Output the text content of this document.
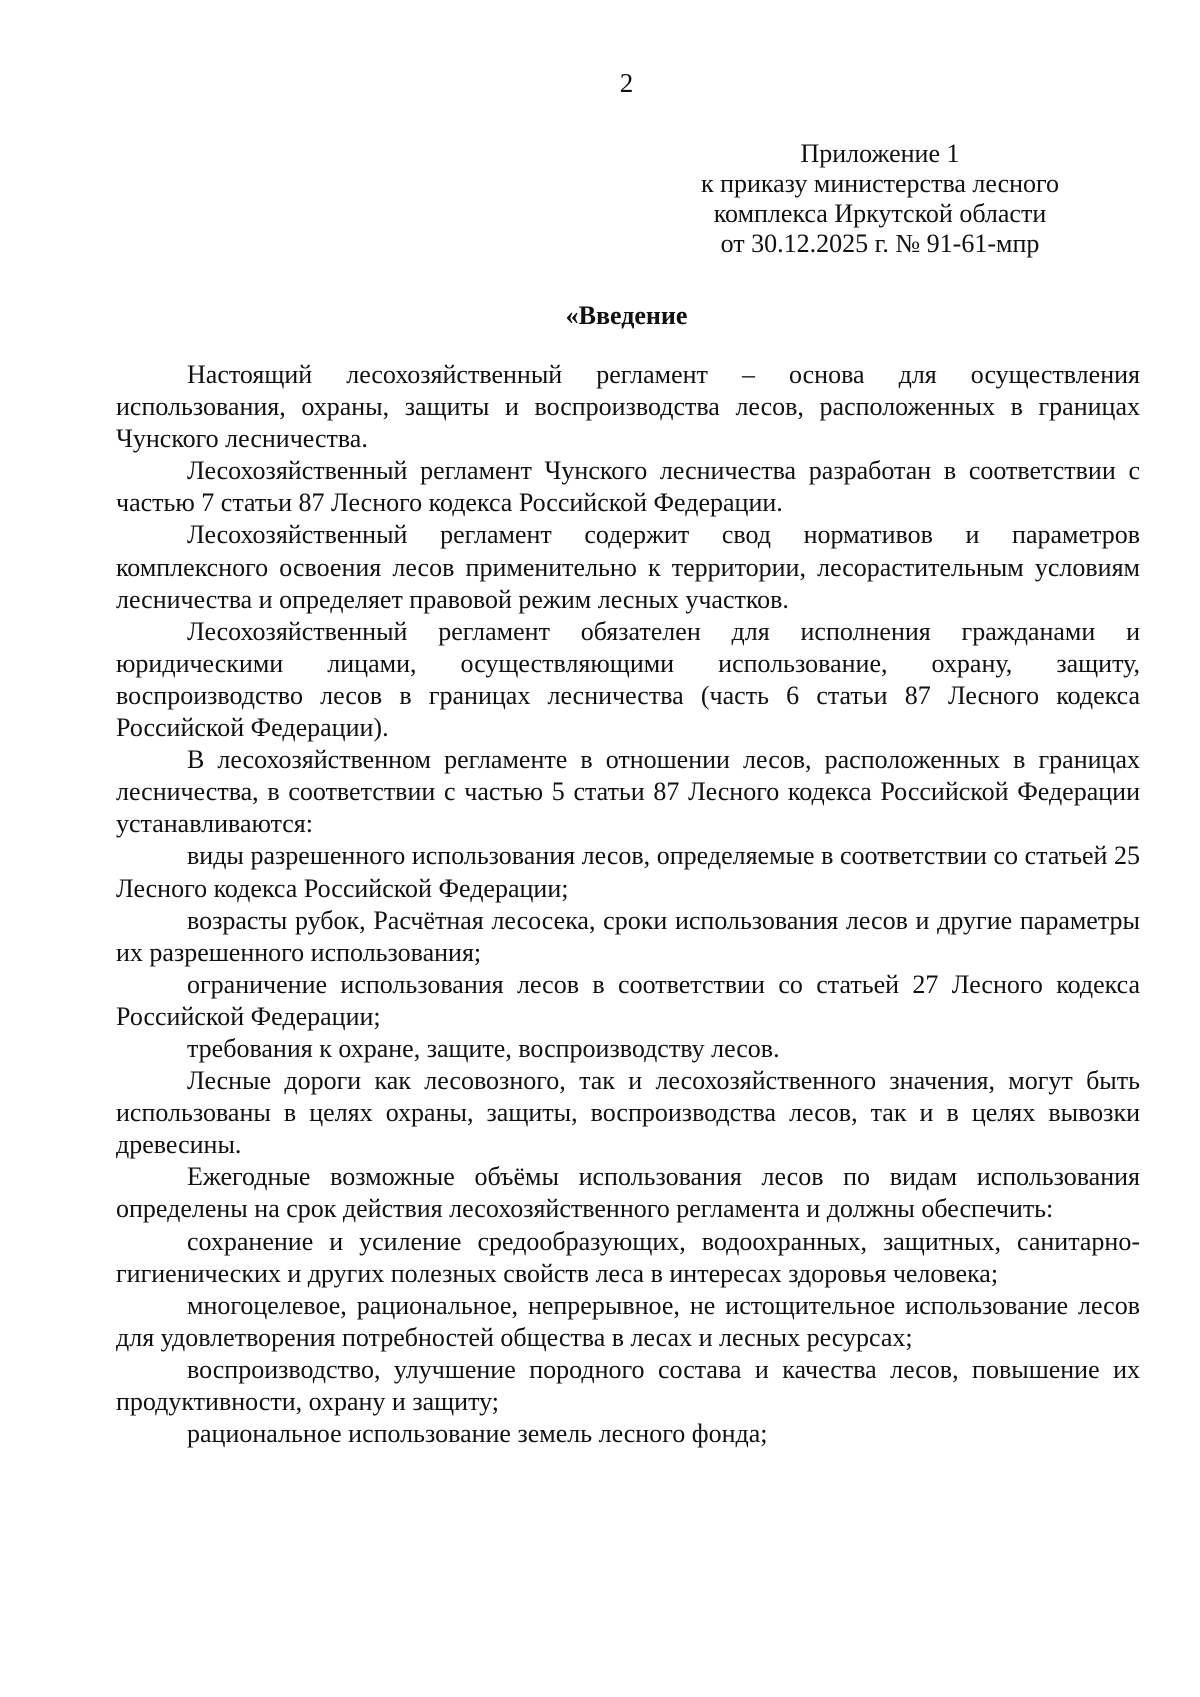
2
Приложение 1
к приказу министерства лесного
комплекса Иркутской области
от 30.12.2025 г. № 91-61-мпр
«Введение

Настоящий лесохозяйственный регламент – основа для осуществления использования, охраны, защиты и воспроизводства лесов, расположенных в границах Чунского лесничества.

Лесохозяйственный регламент Чунского лесничества разработан в соответствии с частью 7 статьи 87 Лесного кодекса Российской Федерации.

Лесохозяйственный регламент содержит свод нормативов и параметров комплексного освоения лесов применительно к территории, лесорастительным условиям лесничества и определяет правовой режим лесных участков.

Лесохозяйственный регламент обязателен для исполнения гражданами и юридическими лицами, осуществляющими использование, охрану, защиту, воспроизводство лесов в границах лесничества (часть 6 статьи 87 Лесного кодекса Российской Федерации).

В лесохозяйственном регламенте в отношении лесов, расположенных в границах лесничества, в соответствии с частью 5 статьи 87 Лесного кодекса Российской Федерации устанавливаются:

виды разрешенного использования лесов, определяемые в соответствии со статьей 25 Лесного кодекса Российской Федерации;

возрасты рубок, Расчётная лесосека, сроки использования лесов и другие параметры их разрешенного использования;

ограничение использования лесов в соответствии со статьей 27 Лесного кодекса Российской Федерации;

требования к охране, защите, воспроизводству лесов.

Лесные дороги как лесовозного, так и лесохозяйственного значения, могут быть использованы в целях охраны, защиты, воспроизводства лесов, так и в целях вывозки древесины.

Ежегодные возможные объёмы использования лесов по видам использования определены на срок действия лесохозяйственного регламента и должны обеспечить:

сохранение и усиление средообразующих, водоохранных, защитных, санитарно-гигиенических и других полезных свойств леса в интересах здоровья человека;

многоцелевое, рациональное, непрерывное, не истощительное использование лесов для удовлетворения потребностей общества в лесах и лесных ресурсах;

воспроизводство, улучшение породного состава и качества лесов, повышение их продуктивности, охрану и защиту;

рациональное использование земель лесного фонда;
